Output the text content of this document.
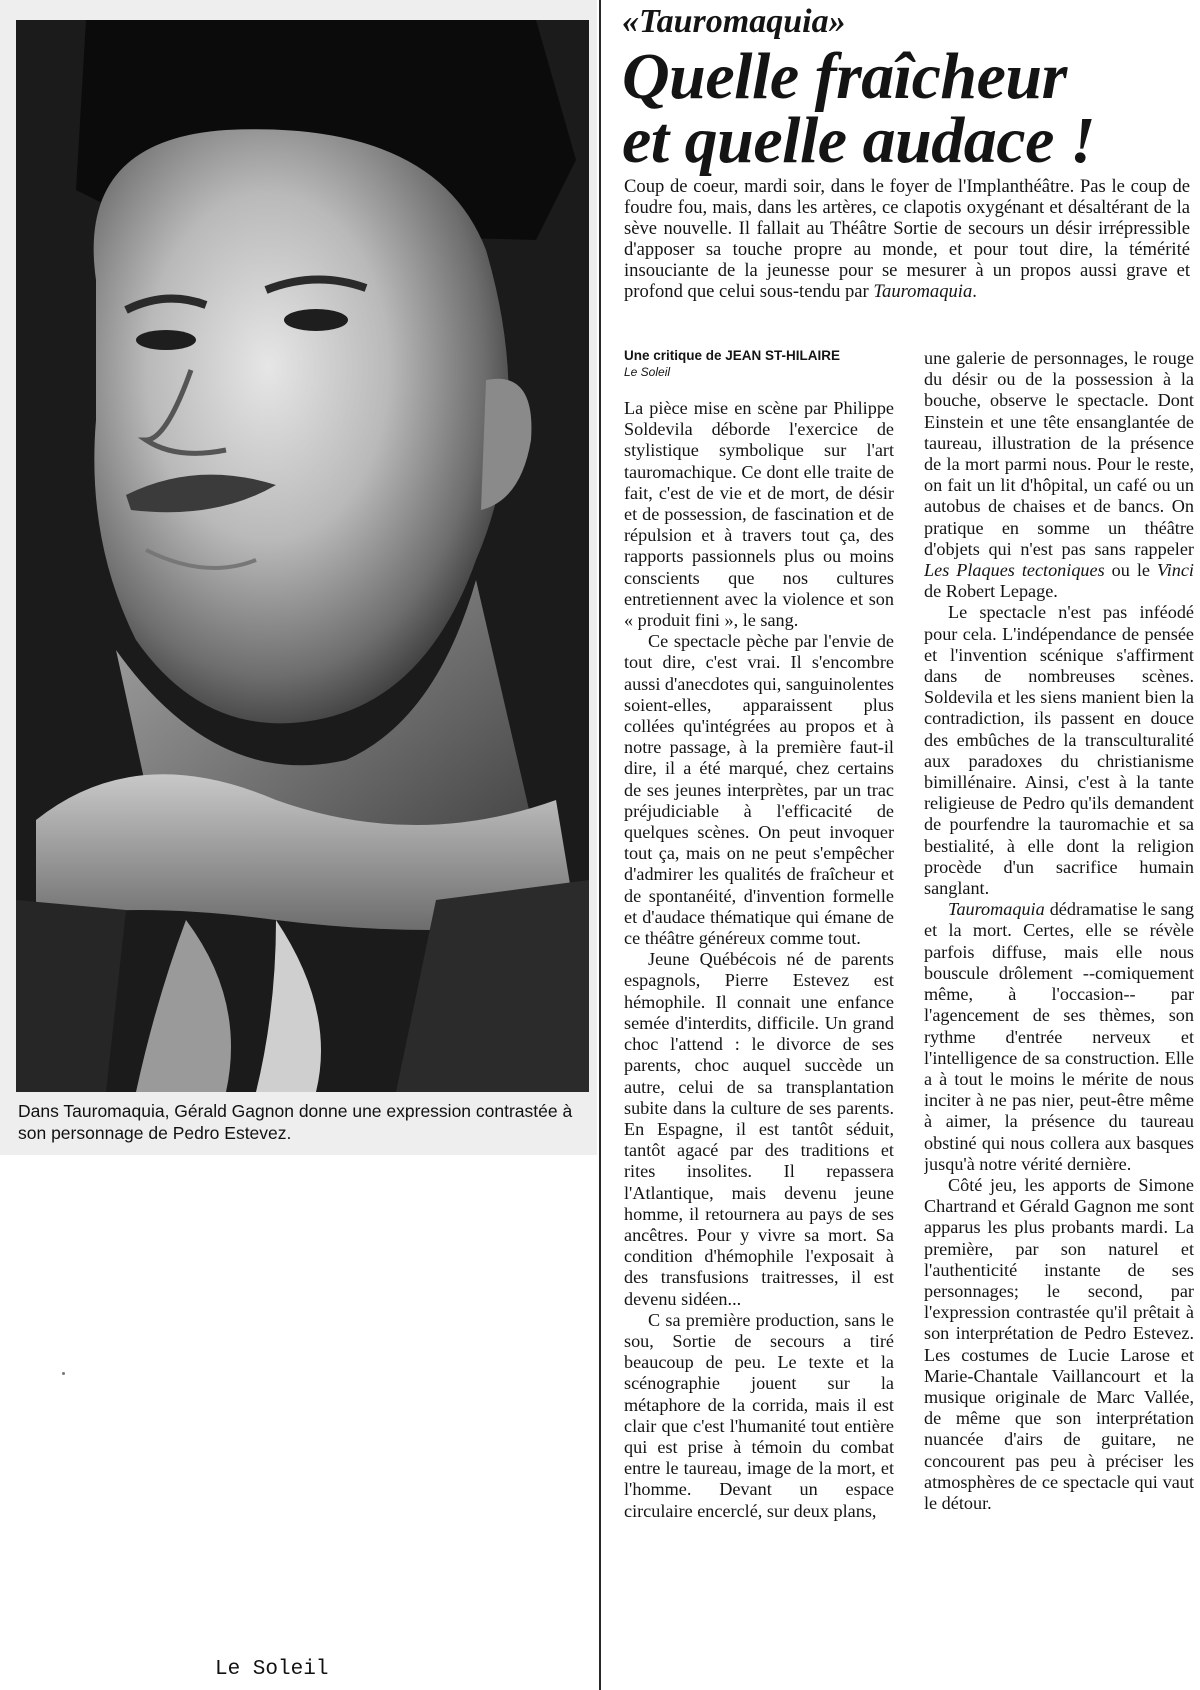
Dans Tauromaquia, Gérald Gagnon donne une expression contrastée à son personnage de Pedro Estevez.
Le Soleil
«Tauromaquia»
Quelle fraîcheur
et quelle audace !
Coup de coeur, mardi soir, dans le foyer de l'Implanthéâtre. Pas le coup de foudre fou, mais, dans les artères, ce clapotis oxygénant et désaltérant de la sève nouvelle. Il fallait au Théâtre Sortie de secours un désir irrépressible d'apposer sa touche propre au monde, et pour tout dire, la témérité insouciante de la jeunesse pour se mesurer à un propos aussi grave et profond que celui sous-tendu par Tauromaquia.
Une critique de JEAN ST-HILAIRE
Le Soleil

La pièce mise en scène par Philippe Soldevila déborde l'exercice de stylistique symbolique sur l'art tauromachique. Ce dont elle traite de fait, c'est de vie et de mort, de désir et de possession, de fascination et de répulsion et à travers tout ça, des rapports passionnels plus ou moins conscients que nos cultures entretiennent avec la violence et son « produit fini », le sang.

Ce spectacle pèche par l'envie de tout dire, c'est vrai. Il s'encombre aussi d'anecdotes qui, sanguinolentes soient-elles, apparaissent plus collées qu'intégrées au propos et à notre passage, à la première faut-il dire, il a été marqué, chez certains de ses jeunes interprètes, par un trac préjudiciable à l'efficacité de quelques scènes. On peut invoquer tout ça, mais on ne peut s'empêcher d'admirer les qualités de fraîcheur et de spontanéité, d'invention formelle et d'audace thématique qui émane de ce théâtre généreux comme tout.

Jeune Québécois né de parents espagnols, Pierre Estevez est hémophile. Il connait une enfance semée d'interdits, difficile. Un grand choc l'attend : le divorce de ses parents, choc auquel succède un autre, celui de sa transplantation subite dans la culture de ses parents. En Espagne, il est tantôt séduit, tantôt agacé par des traditions et rites insolites. Il repassera l'Atlantique, mais devenu jeune homme, il retournera au pays de ses ancêtres. Pour y vivre sa mort. Sa condition d'hémophile l'exposait à des transfusions traitresses, il est devenu sidéen...

C sa première production, sans le sou, Sortie de secours a tiré beaucoup de peu. Le texte et la scénographie jouent sur la métaphore de la corrida, mais il est clair que c'est l'humanité tout entière qui est prise à témoin du combat entre le taureau, image de la mort, et l'homme. Devant un espace circulaire encerclé, sur deux plans,

une galerie de personnages, le rouge du désir ou de la possession à la bouche, observe le spectacle. Dont Einstein et une tête ensanglantée de taureau, illustration de la présence de la mort parmi nous. Pour le reste, on fait un lit d'hôpital, un café ou un autobus de chaises et de bancs. On pratique en somme un théâtre d'objets qui n'est pas sans rappeler Les Plaques tectoniques ou le Vinci de Robert Lepage.

Le spectacle n'est pas inféodé pour cela. L'indépendance de pensée et l'invention scénique s'affirment dans de nombreuses scènes. Soldevila et les siens manient bien la contradiction, ils passent en douce des embûches de la transculturalité aux paradoxes du christianisme bimillénaire. Ainsi, c'est à la tante religieuse de Pedro qu'ils demandent de pourfendre la tauromachie et sa bestialité, à elle dont la religion procède d'un sacrifice humain sanglant.

Tauromaquia dédramatise le sang et la mort. Certes, elle se révèle parfois diffuse, mais elle nous bouscule drôlement --comiquement même, à l'occasion-- par l'agencement de ses thèmes, son rythme d'entrée nerveux et l'intelligence de sa construction. Elle a à tout le moins le mérite de nous inciter à ne pas nier, peut-être même à aimer, la présence du taureau obstiné qui nous collera aux basques jusqu'à notre vérité dernière.

Côté jeu, les apports de Simone Chartrand et Gérald Gagnon me sont apparus les plus probants mardi. La première, par son naturel et l'authenticité instante de ses personnages; le second, par l'expression contrastée qu'il prêtait à son interprétation de Pedro Estevez. Les costumes de Lucie Larose et Marie-Chantale Vaillancourt et la musique originale de Marc Vallée, de même que son interprétation nuancée d'airs de guitare, ne concourent pas peu à préciser les atmosphères de ce spectacle qui vaut le détour.
